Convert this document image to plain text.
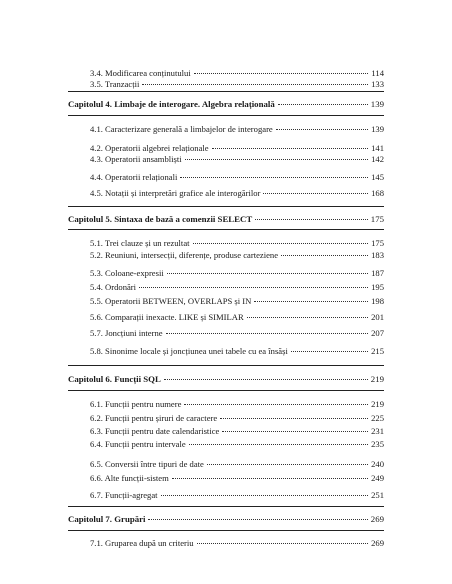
3.4. Modificarea conținutului	114
3.5. Tranzacții	133
Capitolul 4. Limbaje de interogare. Algebra relațională	139
4.1. Caracterizare generală a limbajelor de interogare	139
4.2. Operatorii algebrei relaționale	141
4.3. Operatorii ansambliști	142
4.4. Operatorii relaționali	145
4.5. Notații și interpretări grafice ale interogărilor	168
Capitolul 5. Sintaxa de bază a comenzii SELECT	175
5.1. Trei clauze și un rezultat	175
5.2. Reuniuni, intersecții, diferențe, produse carteziene	183
5.3. Coloane-expresii	187
5.4. Ordonări	195
5.5. Operatorii BETWEEN, OVERLAPS și IN	198
5.6. Comparații inexacte. LIKE și SIMILAR	201
5.7. Joncțiuni interne	207
5.8. Sinonime locale și joncțiunea unei tabele cu ea însăși	215
Capitolul 6. Funcții SQL	219
6.1. Funcții pentru numere	219
6.2. Funcții pentru șiruri de caractere	225
6.3. Funcții pentru date calendaristice	231
6.4. Funcții pentru intervale	235
6.5. Conversii între tipuri de date	240
6.6. Alte funcții-sistem	249
6.7. Funcții-agregat	251
Capitolul 7. Grupări	269
7.1. Gruparea după un criteriu	269
